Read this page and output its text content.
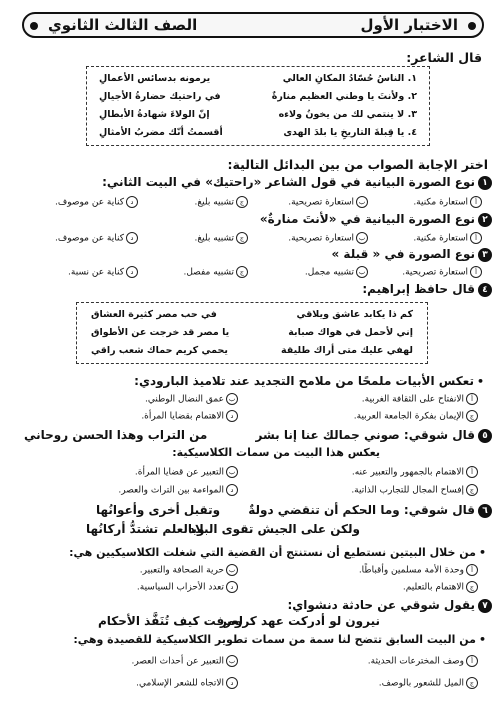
الاختبار الأول
الصف الثالث الثانوي
قال الشاعر:
١. الناسُ حُسّادُ المكانِ العالي
يرمونه بدسائس الأعمالِ
٢. ولأنتَ يا وطني العظيم منارةٌ
في راحتيك حضارةُ الأجيالِ
٣. لا ينتمي لك من يخونُ ولاءه
إنّ الولاءَ شهادةُ الأبطالِ
٤. يا قِبلةَ التاريخِ يا بلدَ الهدى
أقسمتُ أنّك مضربُ الأمثالِ
اختر الإجابة الصواب من بين البدائل التالية:
١نوع الصورة البيانية في قول الشاعر «راحتيك» في البيت الثاني:
أاستعارة مكنية.
باستعارة تصريحية.
جتشبيه بليغ.
دكناية عن موصوف.
٢نوع الصورة البيانية في «لأنتَ منارةٌ»
أاستعارة مكنية.
باستعارة تصريحية.
جتشبيه بليغ.
دكناية عن موصوف.
٣نوع الصورة في « قبلة »
أاستعارة تصريحية.
بتشبيه مجمل.
جتشبيه مفصل.
دكناية عن نسبة.
٤قال حافظ إبراهيم:
كم ذا يكابد عاشق ويلاقي
في حب مصر كثيرة العشاق
إني لأحمل في هواك صبابة
يا مصر قد خرجت عن الأطواق
لهفي عليك متى أراك طليقة
يحمي كريم حماك شعب راقي
•تعكس الأبيات ملمحًا من ملامح التجديد عند تلاميذ البارودي:
أالانفتاح على الثقافة الغربية.
بعمق النضال الوطني.
جالإيمان بفكرة الجامعة العربية.
دالاهتمام بقضايا المرأة.
٥قال شوقي: صوني جمالك عنا إنا بشر
من التراب وهذا الحسن روحاني
يعكس هذا البيت من سمات الكلاسيكية:
أالاهتمام بالجمهور والتعبير عنه.
بالتعبير عن قضايا المرأة.
جإفساح المجال للتجارب الذاتية.
دالمواءمة بين التراث والعصر.
٦قال شوقي: وما الحكم أن تنقضي دولةٌ
وتقبل أخرى وأعوانُها
ولكن على الجيش تقوى البلاد
وبالعلم تشتدُّ أركانُها
•من خلال البيتين نستطيع أن نستنتج أن القضية التي شغلت الكلاسيكيين هي:
أوحدة الأمة مسلمين وأقباطًا.
بحرية الصحافة والتعبير.
جالاهتمام بالتعليم.
دتعدد الأحزاب السياسية.
٧يقول شوقي عن حادثة دنشواي:
نيرون لو أدركت عهد كرومر
لعرفت كيف تُنَفَّذ الأحكام
•من البيت السابق تتضح لنا سمة من سمات تطوير الكلاسيكية للقصيدة وهي:
أوصف المخترعات الحديثة.
بالتعبير عن أحداث العصر.
جالميل للشعور بالوصف.
دالاتجاه للشعر الإسلامي.
